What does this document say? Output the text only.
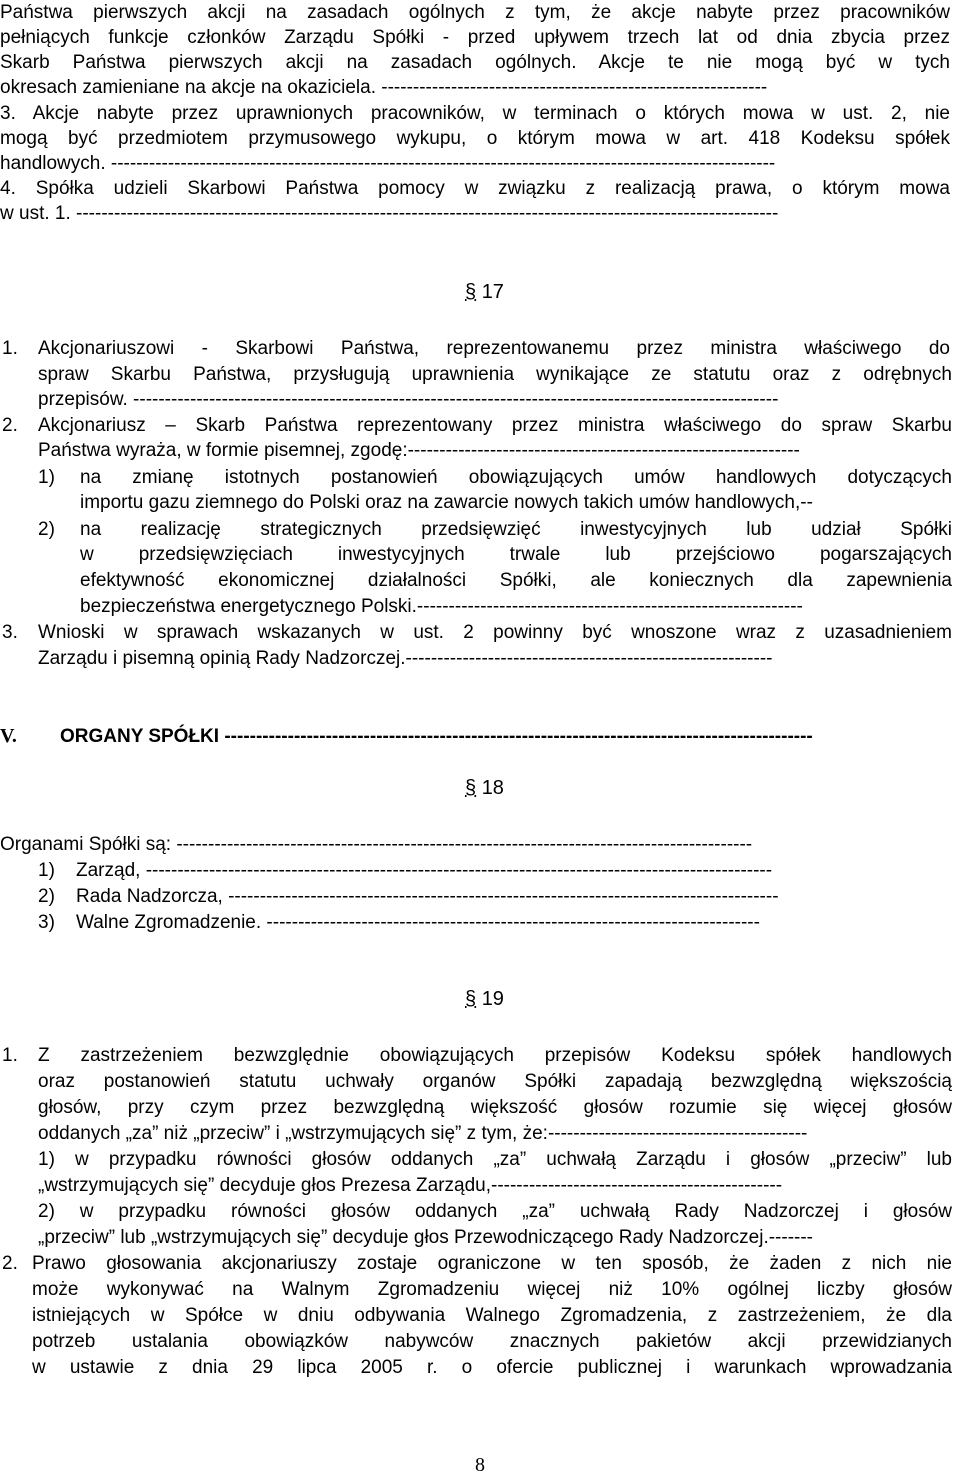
Państwa pierwszych akcji na zasadach ogólnych z tym, że akcje nabyte przez pracowników
pełniących funkcje członków Zarządu Spółki - przed upływem trzech lat od dnia zbycia przez
Skarb Państwa pierwszych akcji na zasadach ogólnych. Akcje te nie mogą być w tych
okresach zamieniane na akcje na okaziciela. -------------------------------------------------------------
3. Akcje nabyte przez uprawnionych pracowników, w terminach o których mowa w ust. 2, nie
mogą być przedmiotem przymusowego wykupu, o którym mowa w art. 418 Kodeksu spółek
handlowych. ---------------------------------------------------------------------------------------------------------
4. Spółka udzieli Skarbowi Państwa pomocy w związku z realizacją prawa, o którym mowa
w ust. 1. ---------------------------------------------------------------------------------------------------------------
§ 17
1. Akcjonariuszowi - Skarbowi Państwa, reprezentowanemu przez ministra właściwego do
spraw Skarbu Państwa, przysługują uprawnienia wynikające ze statutu oraz z odrębnych
przepisów. ------------------------------------------------------------------------------------------------------
2. Akcjonariusz – Skarb Państwa reprezentowany przez ministra właściwego do spraw Skarbu
Państwa wyraża, w formie pisemnej, zgodę:--------------------------------------------------------------
1) na zmianę istotnych postanowień obowiązujących umów handlowych dotyczących
importu gazu ziemnego do Polski oraz na zawarcie nowych takich umów handlowych,--
2) na realizację strategicznych przedsięwzięć inwestycyjnych lub udział Spółki
w przedsięwzięciach inwestycyjnych trwale lub przejściowo pogarszających
efektywność ekonomicznej działalności Spółki, ale koniecznych dla zapewnienia
bezpieczeństwa energetycznego Polski.-------------------------------------------------------------
3. Wnioski w sprawach wskazanych w ust. 2 powinny być wnoszone wraz z uzasadnieniem
Zarządu i pisemną opinią Rady Nadzorczej.----------------------------------------------------------
V. ORGANY SPÓŁKI ---------------------------------------------------------------------------------------------
§ 18
Organami Spółki są: -------------------------------------------------------------------------------------------
1) Zarząd, ---------------------------------------------------------------------------------------------------
2) Rada Nadzorcza, ---------------------------------------------------------------------------------------
3) Walne Zgromadzenie. ------------------------------------------------------------------------------
§ 19
1. Z zastrzeżeniem bezwzględnie obowiązujących przepisów Kodeksu spółek handlowych
oraz postanowień statutu uchwały organów Spółki zapadają bezwzględną większością
głosów, przy czym przez bezwzględną większość głosów rozumie się więcej głosów
oddanych „za” niż „przeciw” i „wstrzymujących się” z tym, że:-----------------------------------------
1) w przypadku równości głosów oddanych „za” uchwałą Zarządu i głosów „przeciw” lub
„wstrzymujących się” decyduje głos Prezesa Zarządu,----------------------------------------------
2) w przypadku równości głosów oddanych „za” uchwałą Rady Nadzorczej i głosów
„przeciw” lub „wstrzymujących się” decyduje głos Przewodniczącego Rady Nadzorczej.-------
2. Prawo głosowania akcjonariuszy zostaje ograniczone w ten sposób, że żaden z nich nie
może wykonywać na Walnym Zgromadzeniu więcej niż 10% ogólnej liczby głosów
istniejących w Spółce w dniu odbywania Walnego Zgromadzenia, z zastrzeżeniem, że dla
potrzeb ustalania obowiązków nabywców znacznych pakietów akcji przewidzianych
w ustawie z dnia 29 lipca 2005 r. o ofercie publicznej i warunkach wprowadzania
8
